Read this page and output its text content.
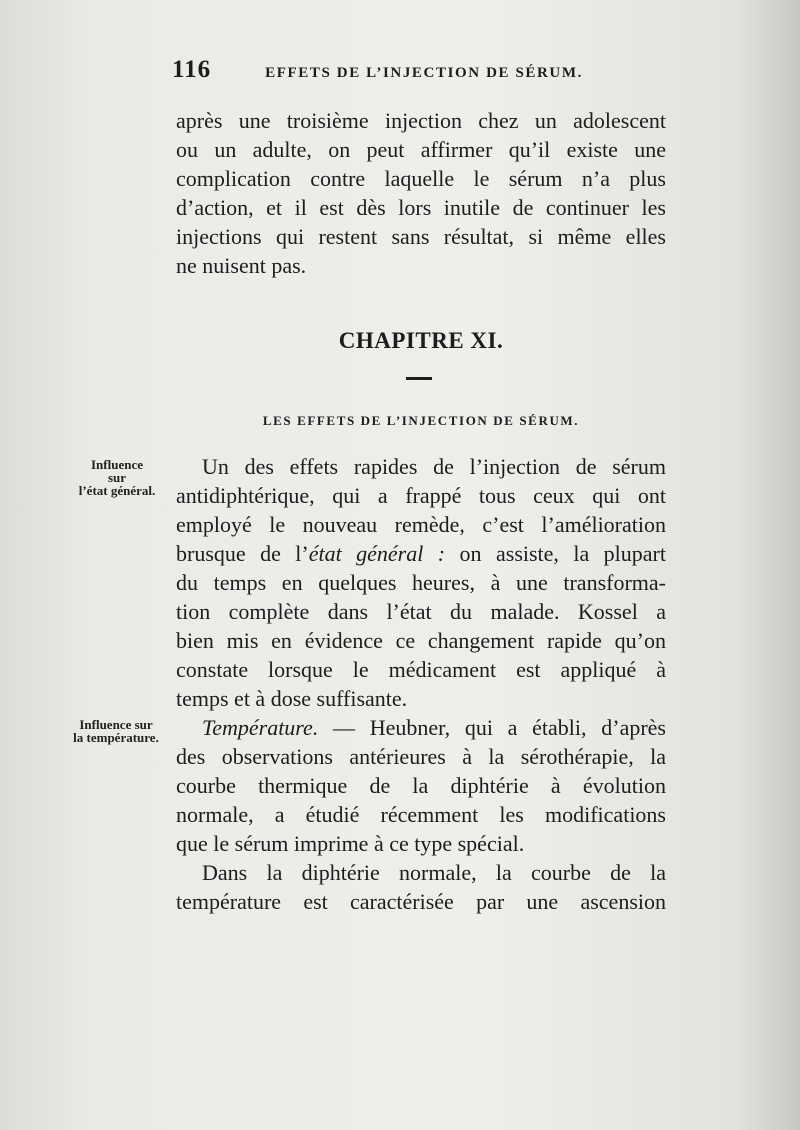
116	EFFETS DE L’INJECTION DE SÉRUM.
après une troisième injection chez un adolescent
ou un adulte, on peut affirmer qu’il existe une
complication contre laquelle le sérum n’a plus
d’action, et il est dès lors inutile de continuer les
injections qui restent sans résultat, si même elles
ne nuisent pas.
CHAPITRE XI.
LES EFFETS DE L’INJECTION DE SÉRUM.
Influence
sur
l’état général.
Un des effets rapides de l’injection de sérum
antidiphtérique, qui a frappé tous ceux qui ont
employé le nouveau remède, c’est l’amélioration
brusque de l’état général : on assiste, la plupart
du temps en quelques heures, à une transforma-
tion complète dans l’état du malade. Kossel a
bien mis en évidence ce changement rapide qu’on
constate lorsque le médicament est appliqué à
temps et à dose suffisante.
Influence sur
la température.	Température. — Heubner, qui a établi, d’après
des observations antérieures à la sérothérapie, la
courbe thermique de la diphtérie à évolution
normale, a étudié récemment les modifications
que le sérum imprime à ce type spécial.
Dans la diphtérie normale, la courbe de la
température est caractérisée par une ascension
